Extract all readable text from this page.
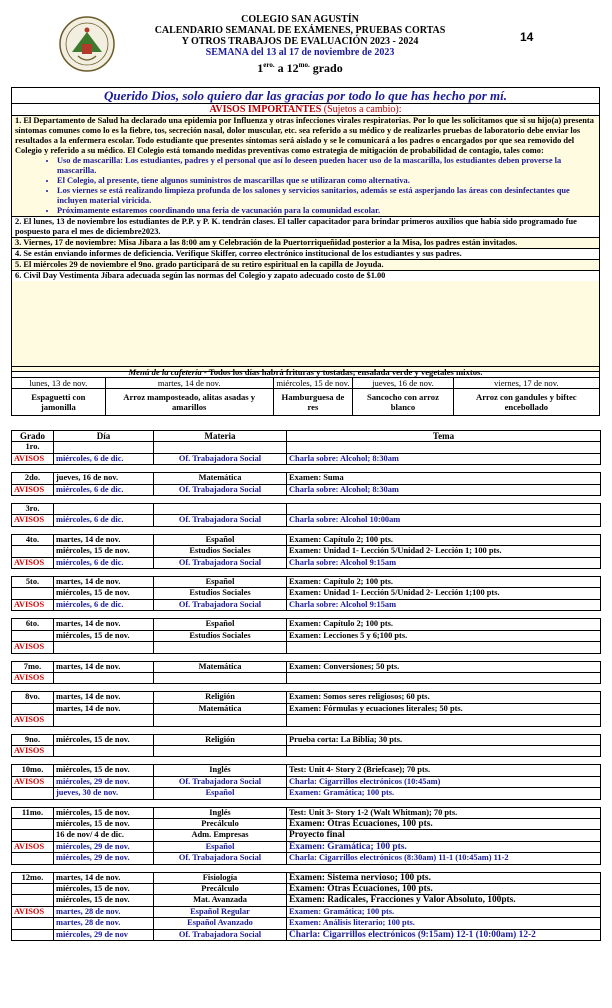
COLEGIO SAN AGUSTÍN
CALENDARIO SEMANAL DE EXÁMENES, PRUEBAS CORTAS
Y OTROS TRABAJOS DE EVALUACIÓN 2023 - 2024
SEMANA del 13 al 17 de noviembre de 2023
$1^{ero.}$ a $12^{mo.}$ grado
14
Querido Dios, solo quiero dar las gracias por todo lo que has hecho por mí.
AVISOS IMPORTANTES (Sujetos a cambio):
1. El Departamento de Salud ha declarado una epidemia por Influenza y otras infecciones virales respiratorias. Por lo que les solicitamos que si su hijo(a) presenta síntomas comunes como lo es la fiebre, tos, secreción nasal, dolor muscular, etc. sea referido a su médico y de realizarles pruebas de laboratorio debe enviar los resultados a la enfermera escolar. Todo estudiante que presentes síntomas será aislado y se le comunicará a los padres o encargados por que sea removido del Colegio y referido a su médico. El Colegio está tomando medidas preventivas como estrategia de mitigación de probabilidad de contagio, tales como:
• Uso de mascarilla: Los estudiantes, padres y el personal que así lo deseen pueden hacer uso de la mascarilla, los estudiantes deben proverse la mascarilla.
• El Colegio, al presente, tiene algunos suministros de mascarillas que se utilizaran como alternativa.
• Los viernes se está realizando limpieza profunda de los salones y servicios sanitarios, además se está asperjando las áreas con desinfectantes que incluyen material viricida.
• Próximamente estaremos coordinando una feria de vacunación para la comunidad escolar.
2. El lunes, 13 de noviembre los estudiantes de P.P. y P. K. tendrán clases. El taller capacitador para brindar primeros auxilios que había sido programado fue pospuesto para el mes de diciembre2023.
3. Viernes, 17 de noviembre: Misa Jíbara a las 8:00 am y Celebración de la Puertorriqueñidad posterior a la Misa, los padres están invitados.
4. Se están enviando informes de deficiencia. Verifique Skiffer, correo electrónico institucional de los estudiantes y sus padres.
5. El miércoles 29 de noviembre el 9no. grado participará de su retiro espiritual en la capilla de Joyuda.
6. Civil Day Vestimenta Jíbara adecuada según las normas del Colegio y zapato adecuado costo de $1.00
Menú de la cafetería - Todos los días habrá frituras y tostadas; ensalada verde y vegetales mixtos.				
lunes, 13 de nov.	martes, 14 de nov.	miércoles, 15 de nov.	jueves, 16 de nov.	viernes, 17 de nov.
Espaguetti con jamonilla	Arroz mamposteado, alitas asadas y amarillos	Hamburguesa de res	Sancocho con arroz blanco	Arroz con gandules y biftec encebollado
Grado	Día	Materia	Tema
1ro.			
AVISOS	miércoles, 6 de dic.	Of. Trabajadora Social	Charla sobre: Alcohol; 8:30am

2do.	jueves, 16 de nov.	Matemática	Examen: Suma
AVISOS	miércoles, 6 de dic.	Of. Trabajadora Social	Charla sobre: Alcohol; 8:30am

3ro.			
AVISOS	miércoles, 6 de dic.	Of. Trabajadora Social	Charla sobre: Alcohol 10:00am

4to.	martes, 14 de nov.	Español	Examen: Capítulo 2; 100 pts.
	miércoles, 15 de nov.	Estudios Sociales	Examen: Unidad 1- Lección 5/Unidad 2- Lección 1; 100 pts.
AVISOS	miércoles, 6 de dic.	Of. Trabajadora Social	Charla sobre: Alcohol 9:15am

5to.	martes, 14 de nov.	Español	Examen: Capítulo 2; 100 pts.
	miércoles, 15 de nov.	Estudios Sociales	Examen: Unidad 1- Lección 5/Unidad 2- Lección 1;100 pts.
AVISOS	miércoles, 6 de dic.	Of. Trabajadora Social	Charla sobre: Alcohol 9:15am

6to.	martes, 14 de nov.	Español	Examen: Capítulo 2; 100 pts.
	miércoles, 15 de nov.	Estudios Sociales	Examen: Lecciones 5 y 6;100 pts.
AVISOS			

7mo.	martes, 14 de nov.	Matemática	Examen: Conversiones; 50 pts.
AVISOS			

8vo.	martes, 14 de nov.	Religión	Examen: Somos seres religiosos; 60 pts.
	martes, 14 de nov.	Matemática	Examen: Fórmulas y ecuaciones literales; 50 pts.
AVISOS			

9no.	miércoles, 15 de nov.	Religión	Prueba corta: La Biblia; 30 pts.
AVISOS			

10mo.	miércoles, 15 de nov.	Inglés	Test: Unit 4- Story 2 (Briefcase); 70 pts.
AVISOS	miércoles, 29 de nov.	Of. Trabajadora Social	Charla: Cigarrillos electrónicos (10:45am)
	jueves, 30 de nov.	Español	Examen: Gramática; 100 pts.

11mo.	miércoles, 15 de nov.	Inglés	Test: Unit 3- Story 1-2 (Walt Whitman); 70 pts.
	miércoles, 15 de nov.	Precálculo	Examen: Otras Ecuaciones, 100 pts.
	16 de nov/ 4 de dic.	Adm. Empresas	Proyecto final
AVISOS	miércoles, 29 de nov.	Español	Examen: Gramática; 100 pts.
	miércoles, 29 de nov.	Of. Trabajadora Social	Charla: Cigarrillos electrónicos (8:30am) 11-1 (10:45am) 11-2

12mo.	martes, 14 de nov.	Fisiología	Examen: Sistema nervioso; 100 pts.
	miércoles, 15 de nov.	Precálculo	Examen: Otras Ecuaciones, 100 pts.
	miércoles, 15 de nov.	Mat. Avanzada	Examen: Radicales, Fracciones y Valor Absoluto, 100pts.
AVISOS	martes, 28 de nov.	Español Regular	Examen: Gramática; 100 pts.
	martes, 28 de nov.	Español Avanzado	Examen: Análisis literario; 100 pts.
	miércoles, 29 de nov	Of. Trabajadora Social	Charla: Cigarrillos electrónicos (9:15am) 12-1 (10:00am) 12-2
